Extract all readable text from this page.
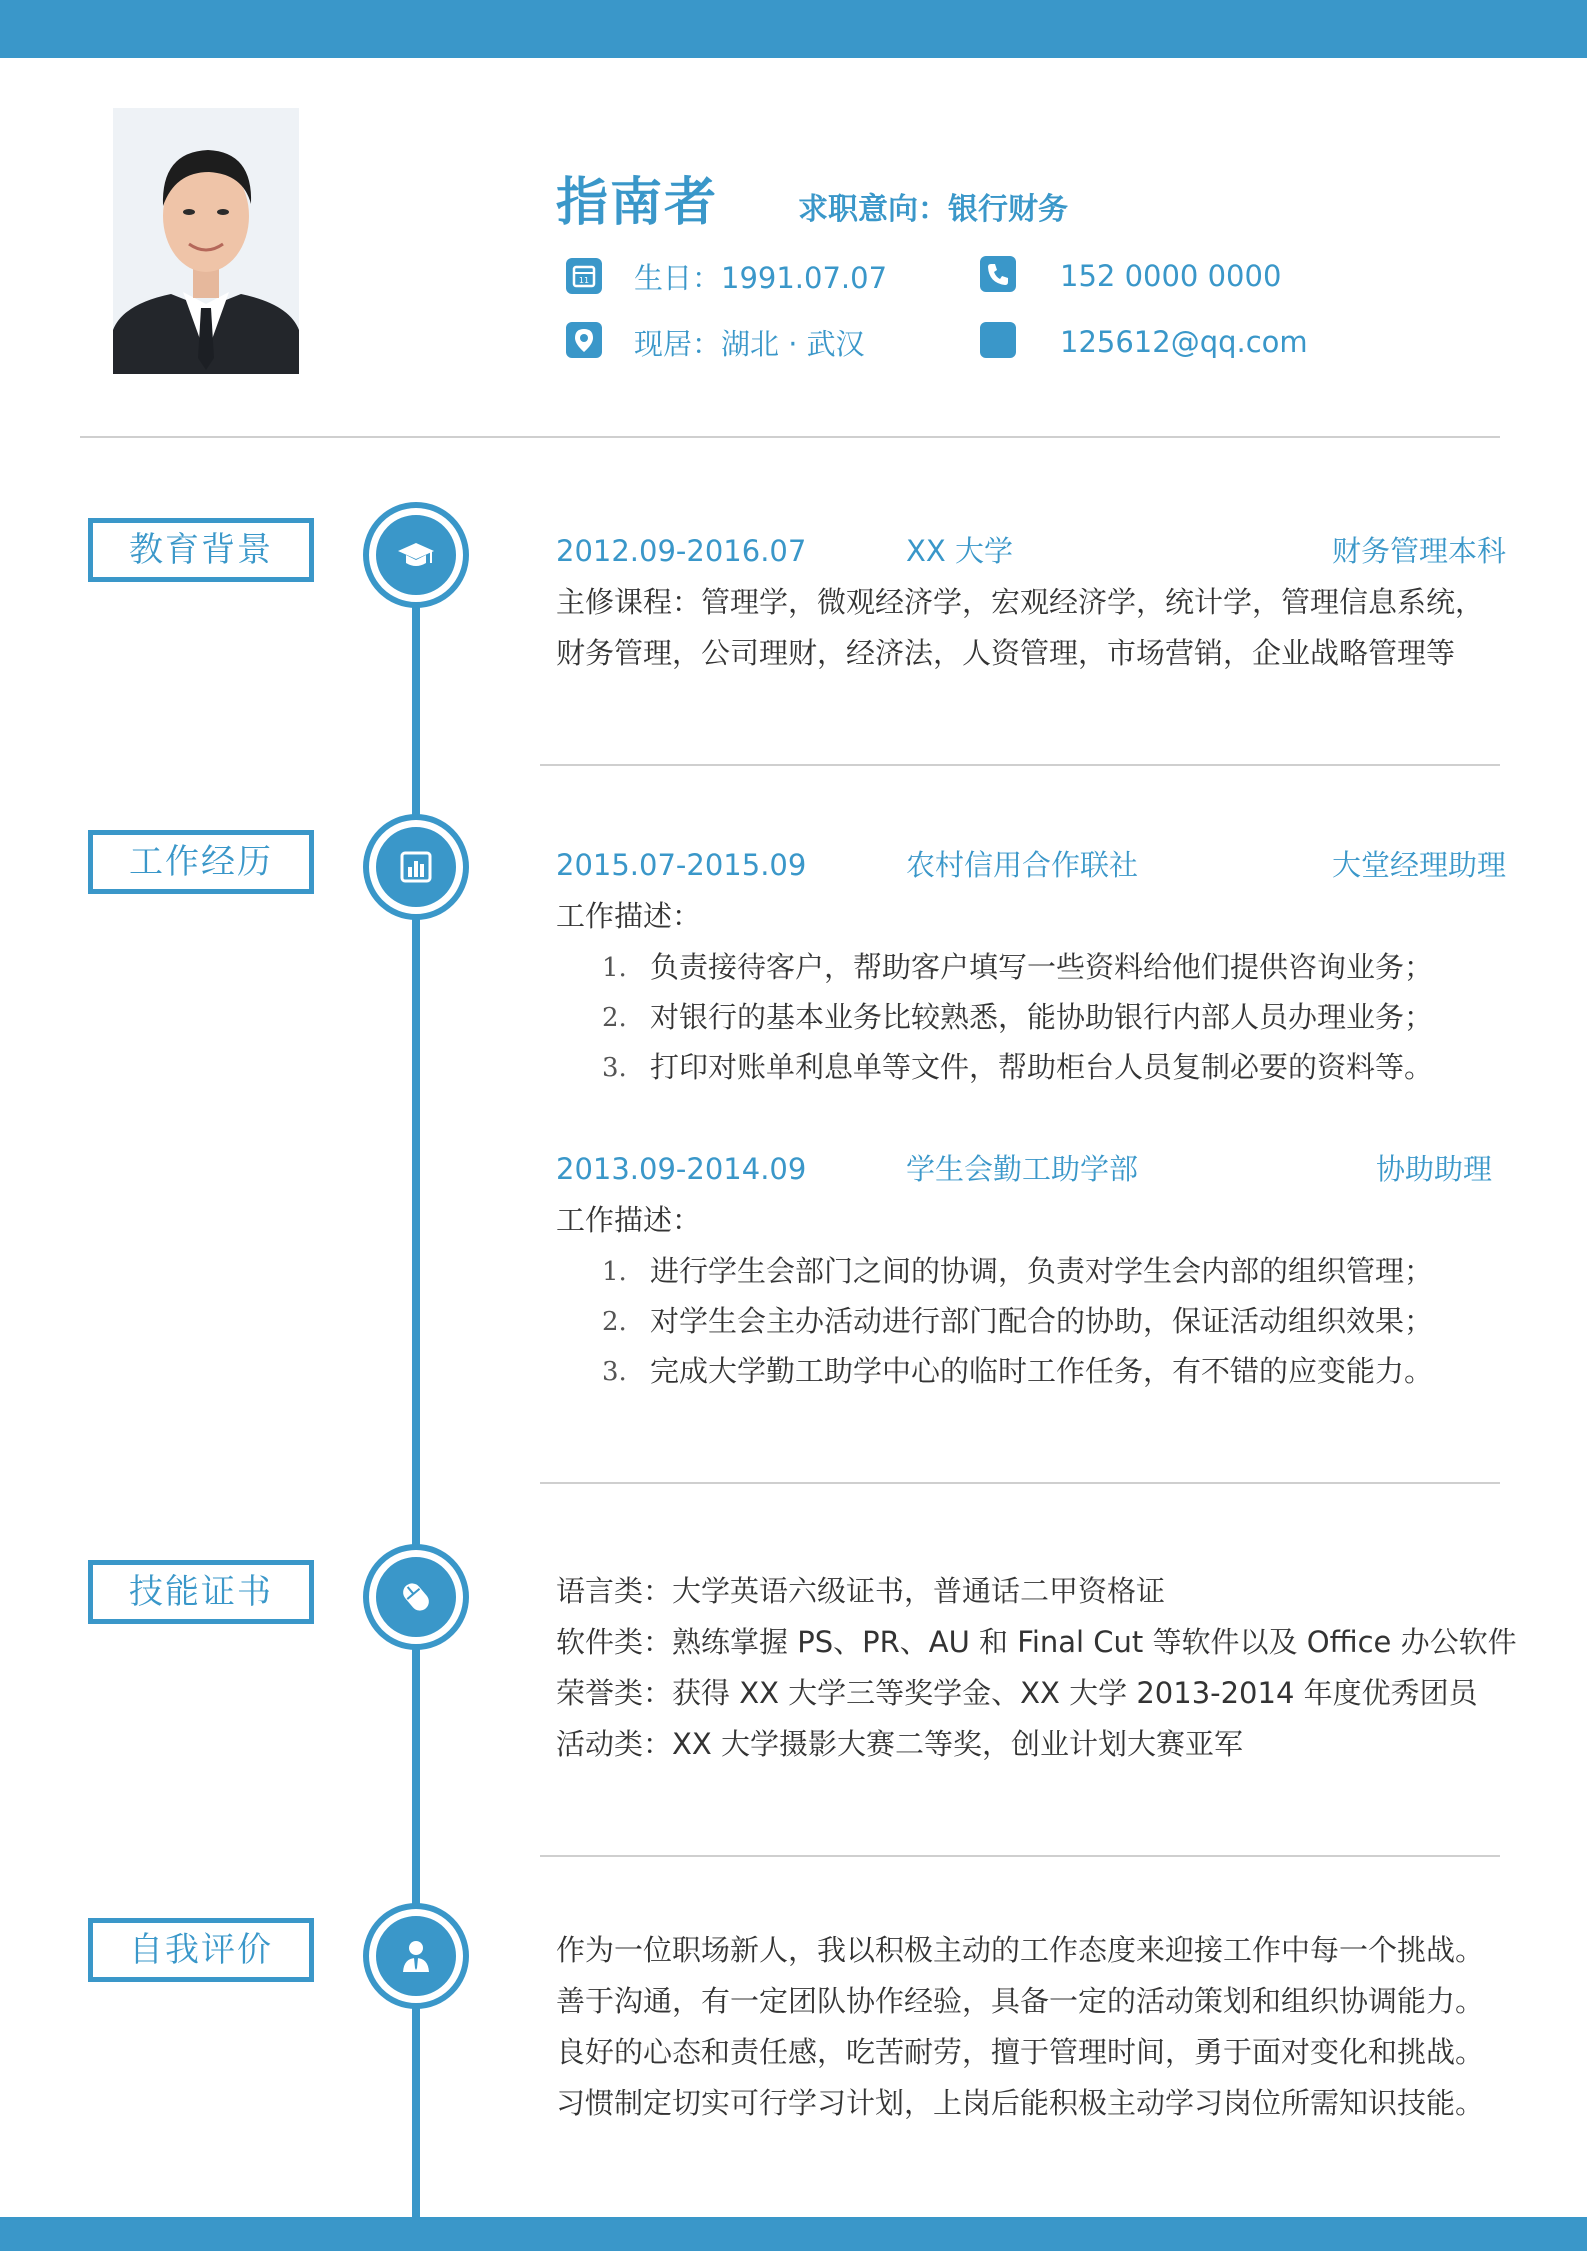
指南者	求职意向：银行财务
11 生日：1991.07.07	152 0000 0000
现居：湖北 · 武汉	125612@qq.com
教育背景	2012.09-2016.07	XX 大学	财务管理本科
主修课程：管理学，微观经济学，宏观经济学，统计学，管理信息系统，
财务管理，公司理财，经济法，人资管理，市场营销，企业战略管理等
工作经历	2015.07-2015.09	农村信用合作联社	大堂经理助理
工作描述：
1. 负责接待客户，帮助客户填写一些资料给他们提供咨询业务；
2. 对银行的基本业务比较熟悉，能协助银行内部人员办理业务；
3. 打印对账单利息单等文件，帮助柜台人员复制必要的资料等。
2013.09-2014.09	学生会勤工助学部	协助助理
工作描述：
1. 进行学生会部门之间的协调，负责对学生会内部的组织管理；
2. 对学生会主办活动进行部门配合的协助，保证活动组织效果；
3. 完成大学勤工助学中心的临时工作任务，有不错的应变能力。
技能证书	语言类：大学英语六级证书，普通话二甲资格证
软件类：熟练掌握 PS、PR、AU 和 Final Cut 等软件以及 Office 办公软件
荣誉类：获得 XX 大学三等奖学金、XX 大学 2013-2014 年度优秀团员
活动类：XX 大学摄影大赛二等奖，创业计划大赛亚军
自我评价	作为一位职场新人，我以积极主动的工作态度来迎接工作中每一个挑战。
善于沟通，有一定团队协作经验，具备一定的活动策划和组织协调能力。
良好的心态和责任感，吃苦耐劳，擅于管理时间，勇于面对变化和挑战。
习惯制定切实可行学习计划，上岗后能积极主动学习岗位所需知识技能。
